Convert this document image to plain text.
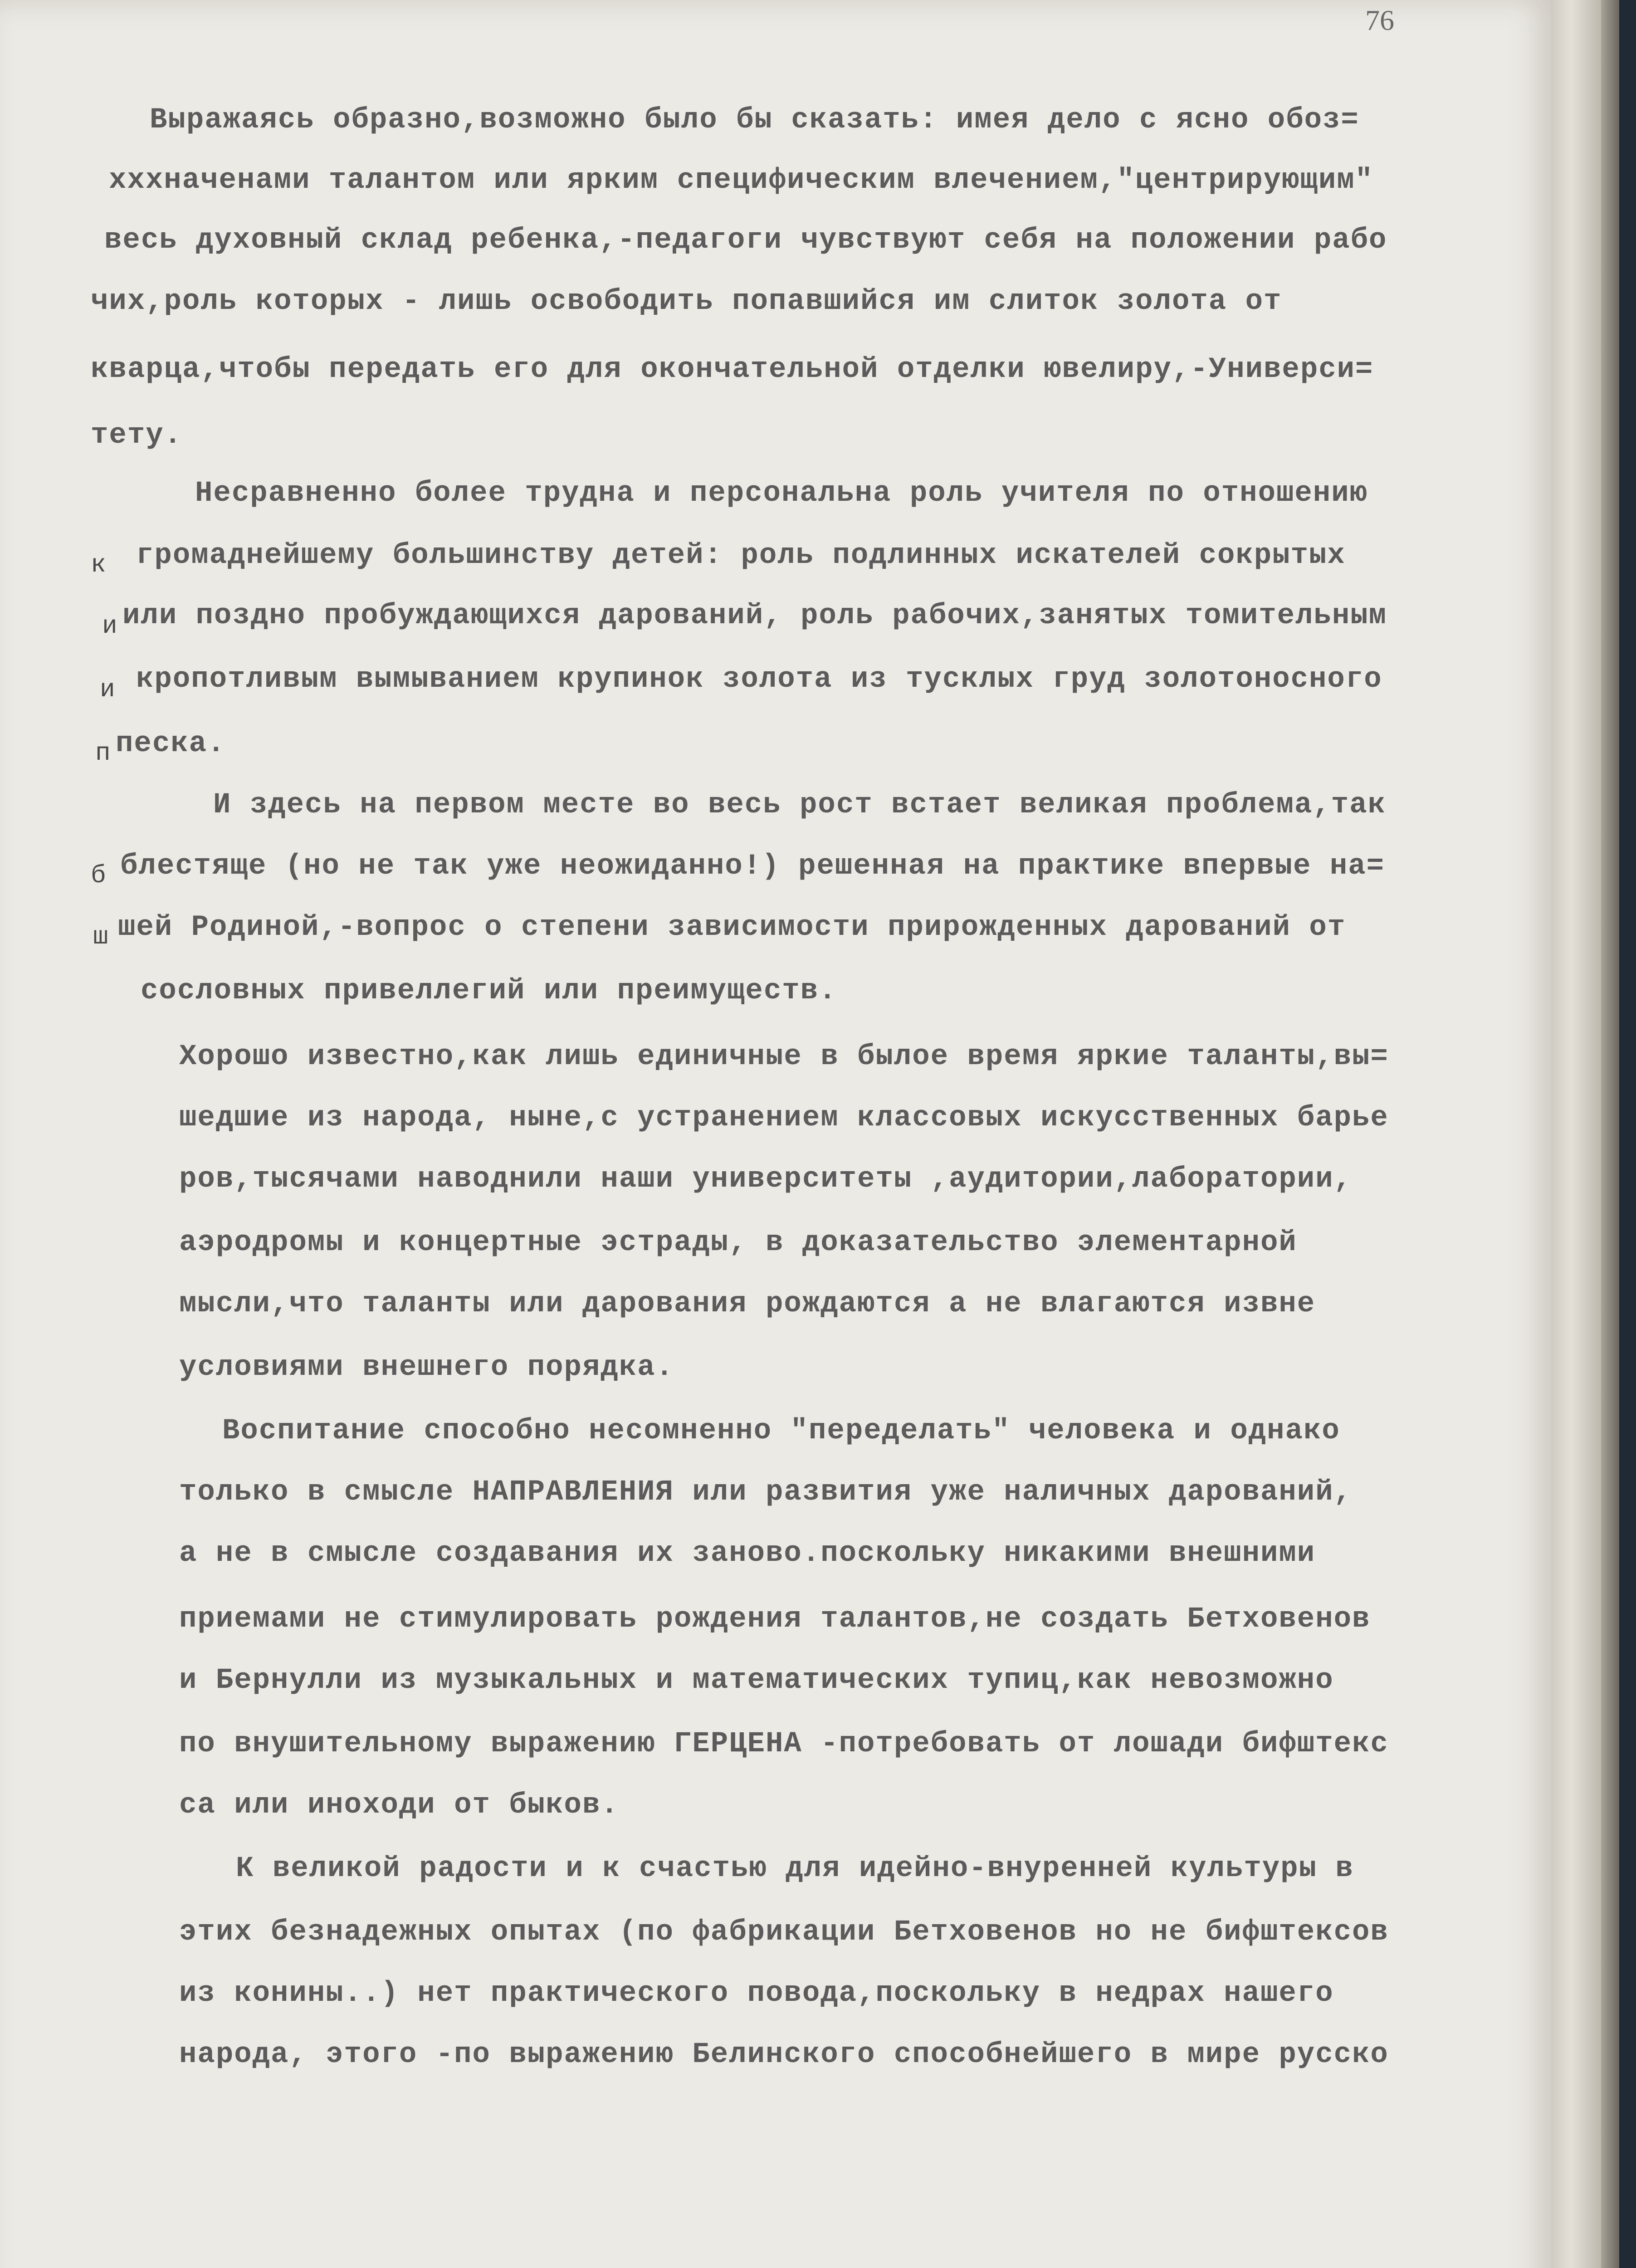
76
Выражаясь образно,возможно было бы сказать: имея дело с ясно обоз=
xxxначенами талантом или ярким специфическим влечением,"центрирующим"
весь духовный склад ребенка,-педагоги чувствуют себя на положении рабо
чих,роль которых - лишь освободить попавшийся им слиток золота от
кварца,чтобы передать его для окончательной отделки ювелиру,-Универси=
тету.
Несравненно более трудна и персональна роль учителя по отношению
громаднейшему большинству детей: роль подлинных искателей сокрытых
или поздно пробуждающихся дарований, роль рабочих,занятых томительным
кропотливым вымыванием крупинок золота из тусклых груд золотоносного
песка.
И здесь на первом месте во весь рост встает великая проблема,так
блестяще (но не так уже неожиданно!) решенная на практике впервые на=
шей Родиной,-вопрос о степени зависимости прирожденных дарований от
сословных привеллегий или преимуществ.
Хорошо известно,как лишь единичные в былое время яркие таланты,вы=
шедшие из народа, ныне,с устранением классовых искусственных барье
ров,тысячами наводнили наши университеты ,аудитории,лаборатории,
аэродромы и концертные эстрады, в доказательство элементарной
мысли,что таланты или дарования рождаются а не влагаются извне
условиями внешнего порядка.
Воспитание способно несомненно "переделать" человека и однако
только в смысле НАПРАВЛЕНИЯ или развития уже наличных дарований,
а не в смысле создавания их заново.поскольку никакими внешними
приемами не стимулировать рождения талантов,не создать Бетховенов
и Бернулли из музыкальных и математических тупиц,как невозможно
по внушительному выражению ГЕРЦЕНА -потребовать от лошади бифштекс
са или иноходи от быков.
К великой радости и к счастью для идейно-внуренней культуры в
этих безнадежных опытах (по фабрикации Бетховенов но не бифштексов
из конины..) нет практического повода,поскольку в недрах нашего
народа, этого -по выражению Белинского способнейшего в мире русско
к
и
и
п
б
ш
